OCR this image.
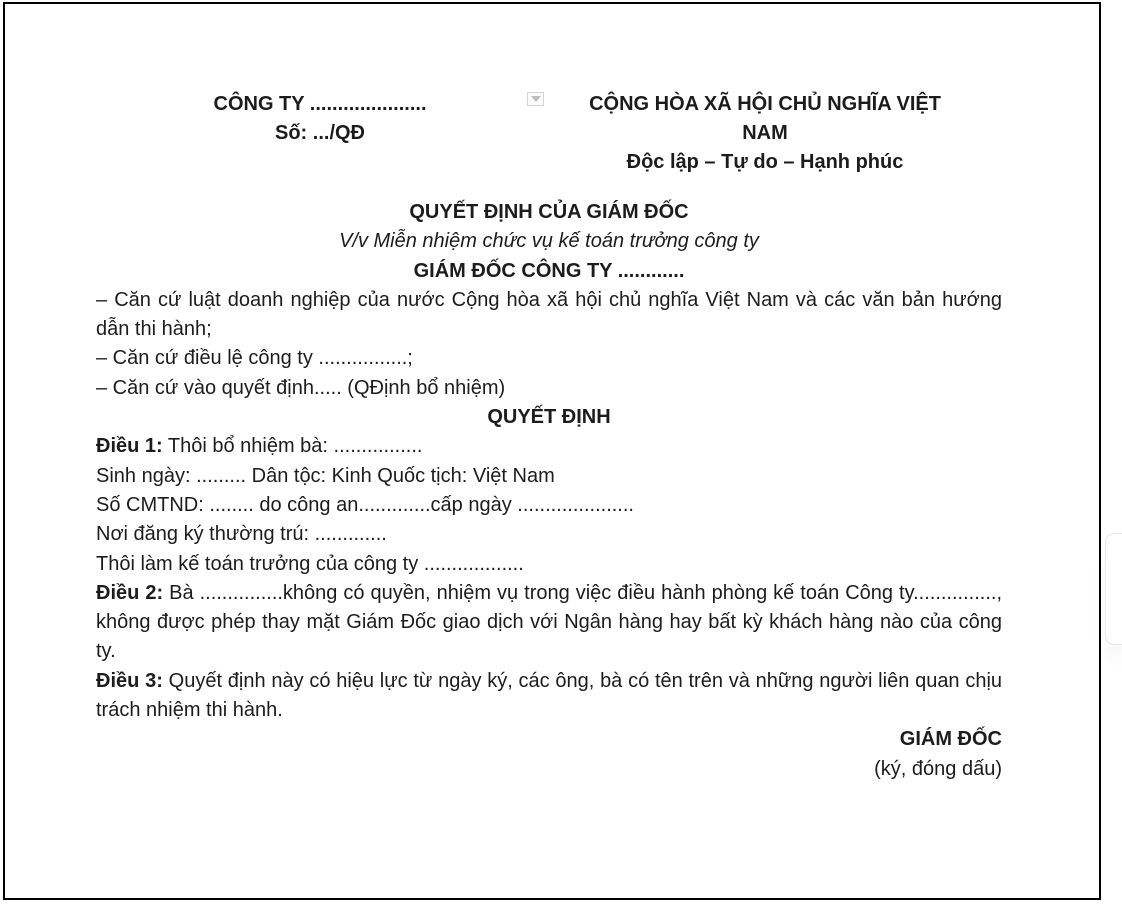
CÔNG TY .....................
Số: .../QĐ
CỘNG HÒA XÃ HỘI CHỦ NGHĨA VIỆT NAM
Độc lập – Tự do – Hạnh phúc

QUYẾT ĐỊNH CỦA GIÁM ĐỐC

V/v Miễn nhiệm chức vụ kế toán trưởng công ty

GIÁM ĐỐC CÔNG TY ............

– Căn cứ luật doanh nghiệp của nước Cộng hòa xã hội chủ nghĩa Việt Nam và các văn bản hướng dẫn thi hành;

– Căn cứ điều lệ công ty ................;

– Căn cứ vào quyết định..... (QĐịnh bổ nhiệm)

QUYẾT ĐỊNH

Điều 1: Thôi bổ nhiệm bà: ................

Sinh ngày: ......... Dân tộc: Kinh Quốc tịch: Việt Nam

Số CMTND: ........ do công an.............cấp ngày .....................

Nơi đăng ký thường trú: .............

Thôi làm kế toán trưởng của công ty ..................

Điều 2: Bà ...............không có quyền, nhiệm vụ trong việc điều hành phòng kế toán Công ty..............., không được phép thay mặt Giám Đốc giao dịch với Ngân hàng hay bất kỳ khách hàng nào của công ty.

Điều 3: Quyết định này có hiệu lực từ ngày ký, các ông, bà có tên trên và những người liên quan chịu trách nhiệm thi hành.

GIÁM ĐỐC

(ký, đóng dấu)
